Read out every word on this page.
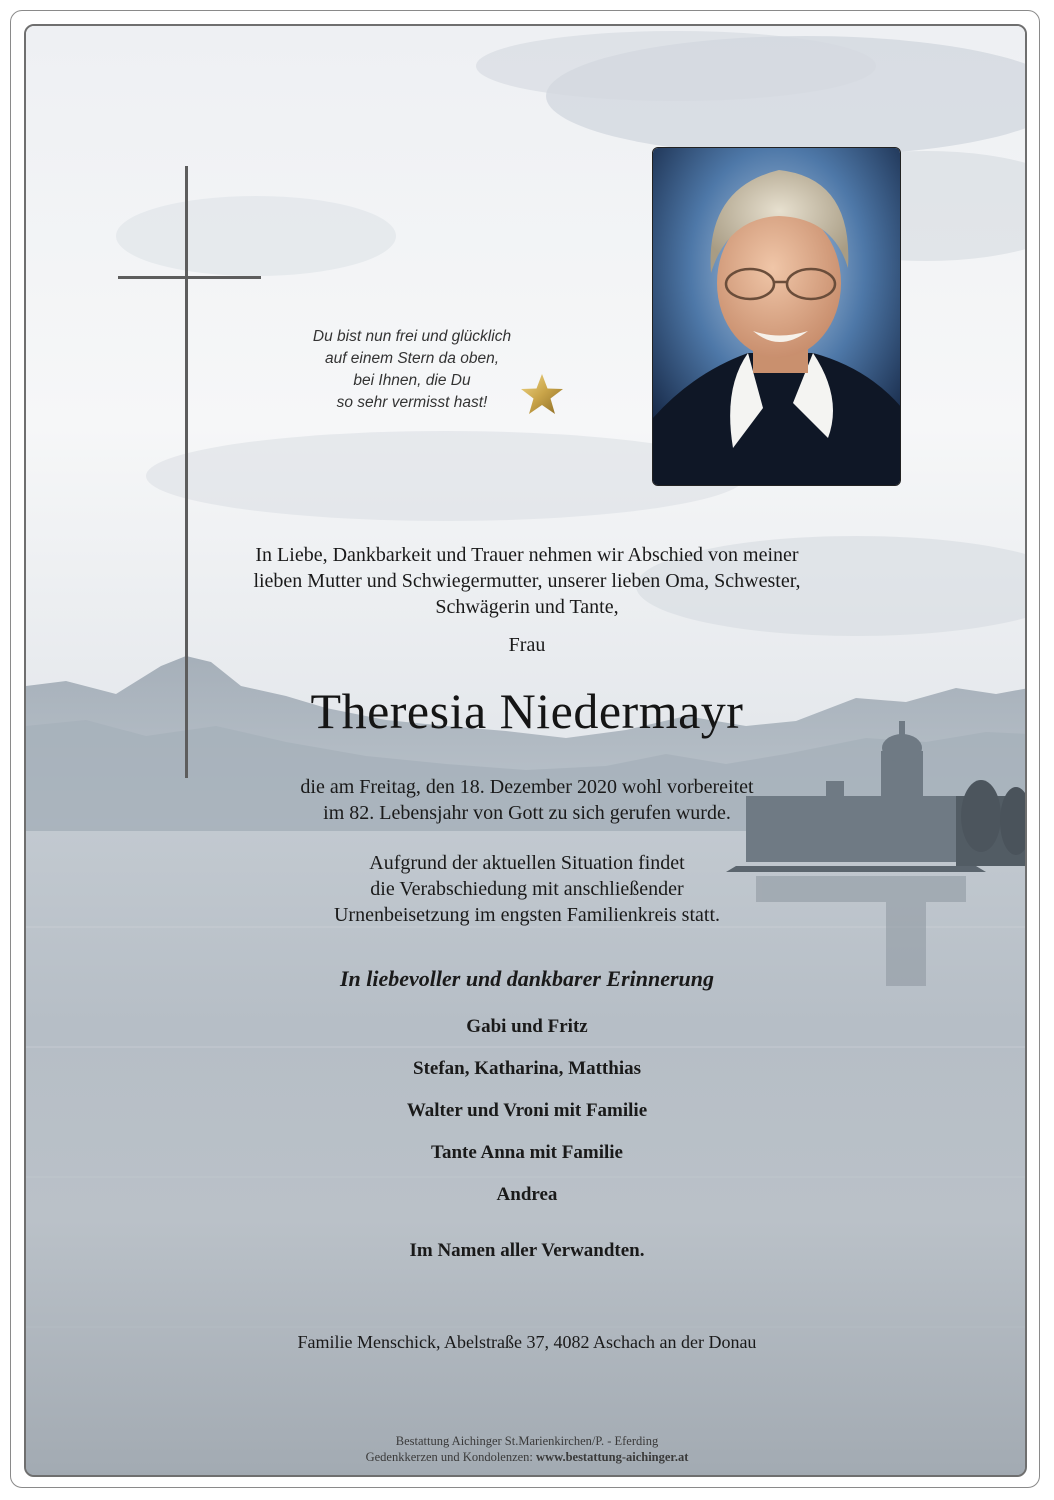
Du bist nun frei und glücklich
auf einem Stern da oben,
bei Ihnen, die Du
so sehr vermisst hast!
In Liebe, Dankbarkeit und Trauer nehmen wir Abschied von meiner
lieben Mutter und Schwiegermutter, unserer lieben Oma, Schwester,
Schwägerin und Tante,
Frau
Theresia Niedermayr
die am Freitag, den 18. Dezember 2020 wohl vorbereitet
im 82. Lebensjahr von Gott zu sich gerufen wurde.
Aufgrund der aktuellen Situation findet
die Verabschiedung mit anschließender
Urnenbeisetzung im engsten Familienkreis statt.
In liebevoller und dankbarer Erinnerung
Gabi und Fritz
Stefan, Katharina, Matthias
Walter und Vroni mit Familie
Tante Anna mit Familie
Andrea
Im Namen aller Verwandten.
Familie Menschick, Abelstraße 37, 4082 Aschach an der Donau
Bestattung Aichinger St.Marienkirchen/P. - Eferding
Gedenkkerzen und Kondolenzen: www.bestattung-aichinger.at
